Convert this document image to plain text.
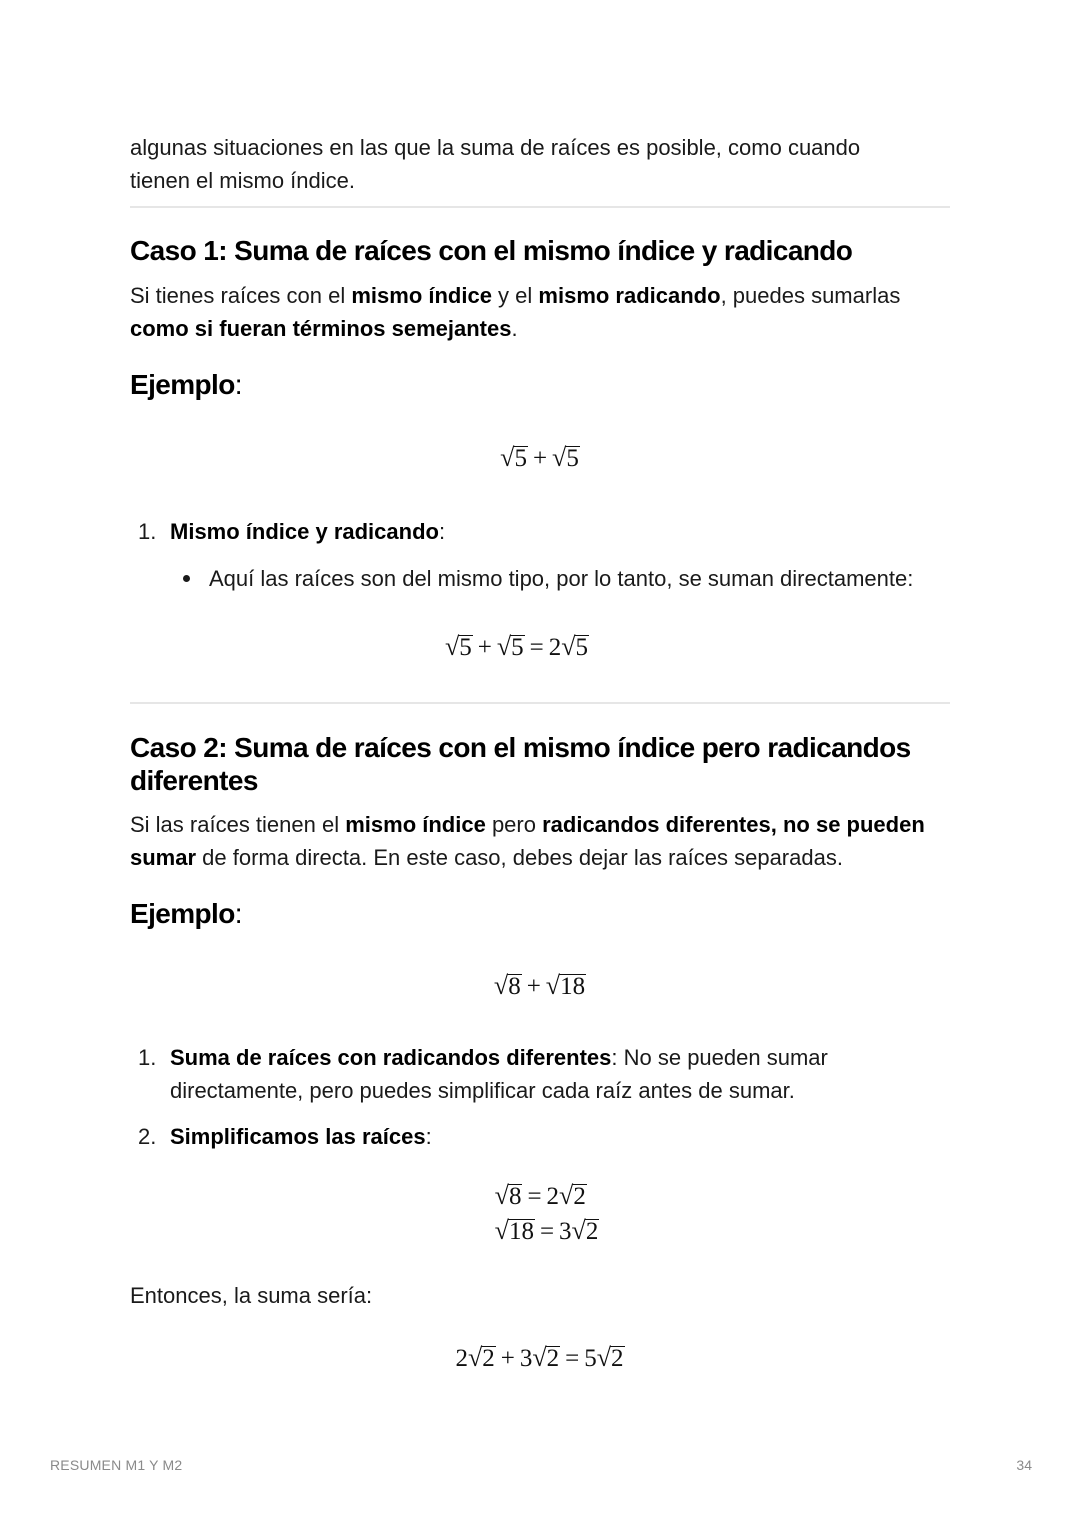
algunas situaciones en las que la suma de raíces es posible, como cuando
tienen el mismo índice.
Caso 1: Suma de raíces con el mismo índice y radicando
Si tienes raíces con el mismo índice y el mismo radicando, puedes sumarlas
como si fueran términos semejantes.
Ejemplo:
√5 + √5
1. Mismo índice y radicando:
Aquí las raíces son del mismo tipo, por lo tanto, se suman directamente:
√5 + √5 = 2√5
Caso 2: Suma de raíces con el mismo índice pero radicandos
diferentes
Si las raíces tienen el mismo índice pero radicandos diferentes, no se pueden
sumar de forma directa. En este caso, debes dejar las raíces separadas.
Ejemplo:
√8 + √18
1. Suma de raíces con radicandos diferentes: No se pueden sumar
directamente, pero puedes simplificar cada raíz antes de sumar.
2. Simplificamos las raíces:
√8 = 2√2
√18 = 3√2
Entonces, la suma sería:
2√2 + 3√2 = 5√2
RESUMEN M1 Y M2	34
